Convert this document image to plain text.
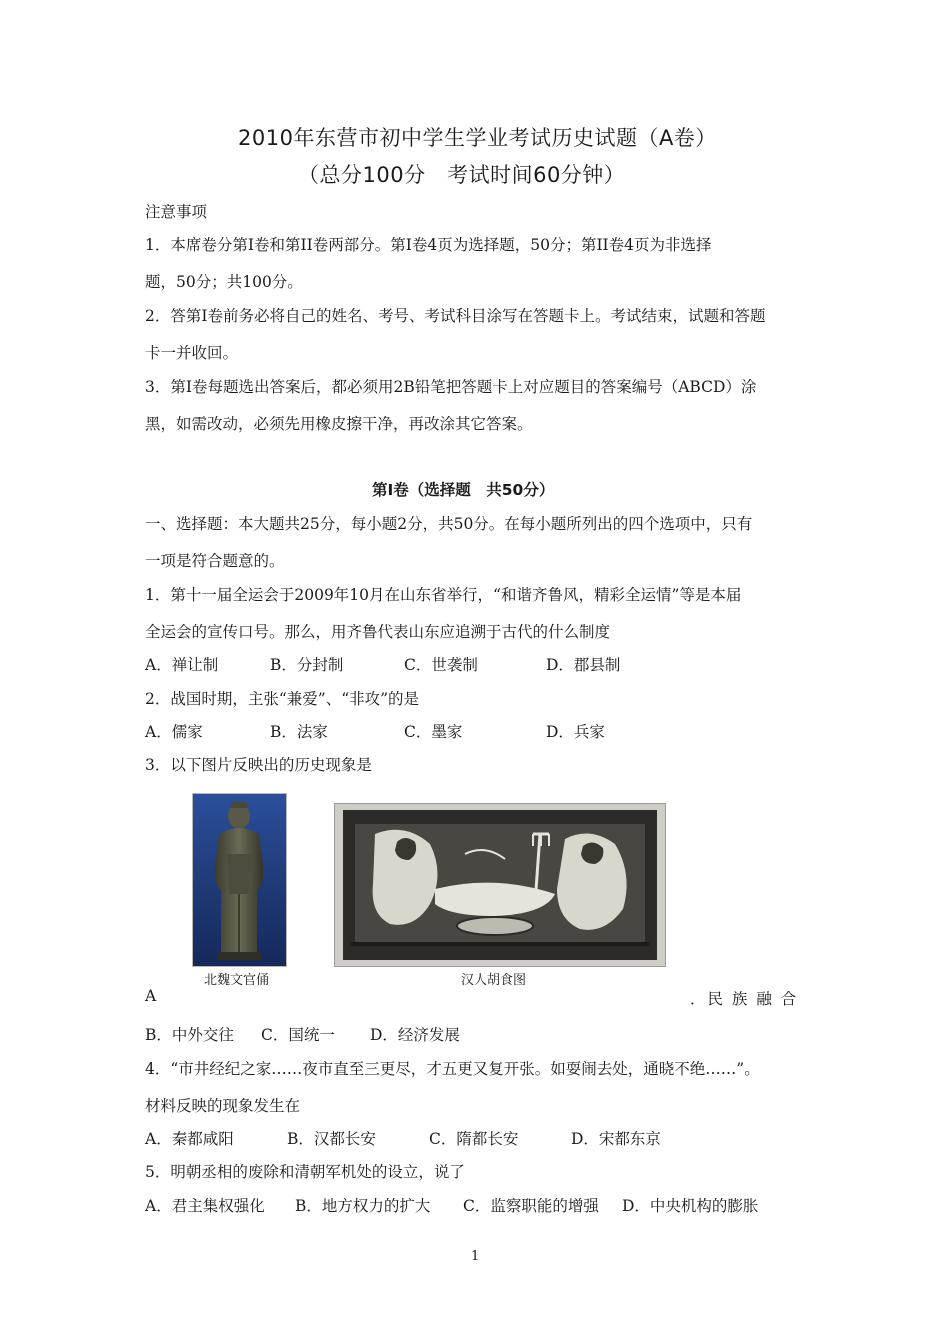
2010年东营市初中学生学业考试历史试题（A卷）
（总分100分　考试时间60分钟）
注意事项
1．本席卷分第Ⅰ卷和第II卷两部分。第Ⅰ卷4页为选择题，50分；第II卷4页为非选择
题，50分；共100分。
2．答第Ⅰ卷前务必将自己的姓名、考号、考试科目涂写在答题卡上。考试结束，试题和答题
卡一并收回。
3．第Ⅰ卷每题选出答案后，都必须用2B铅笔把答题卡上对应题目的答案编号（ABCD）涂
黑，如需改动，必须先用橡皮擦干净，再改涂其它答案。
第Ⅰ卷（选择题　共50分）
一、选择题：本大题共25分，每小题2分，共50分。在每小题所列出的四个选项中，只有
一项是符合题意的。
1．第十一届全运会于2009年10月在山东省举行，“和谐齐鲁风，精彩全运情”等是本届
全运会的宣传口号。那么，用齐鲁代表山东应追溯于古代的什么制度
A．禅让制	B．分封制	C．世袭制	D．郡县制
2．战国时期，主张“兼爱”、“非攻”的是
A．儒家	B．法家	C．墨家	D．兵家
3．以下图片反映出的历史现象是
北魏文官俑	汉人胡食图
A	．民 族 融 合
B．中外交往 C．国统一 D．经济发展
4．“市井经纪之家……夜市直至三更尽，才五更又复开张。如耍闹去处，通晓不绝……”。
材料反映的现象发生在
A．秦都咸阳	B．汉都长安	C．隋都长安	D．宋都东京
5．明朝丞相的废除和清朝军机处的设立，说了
A．君主集权强化 B．地方权力的扩大 C．监察职能的增强 D．中央机构的膨胀
1
